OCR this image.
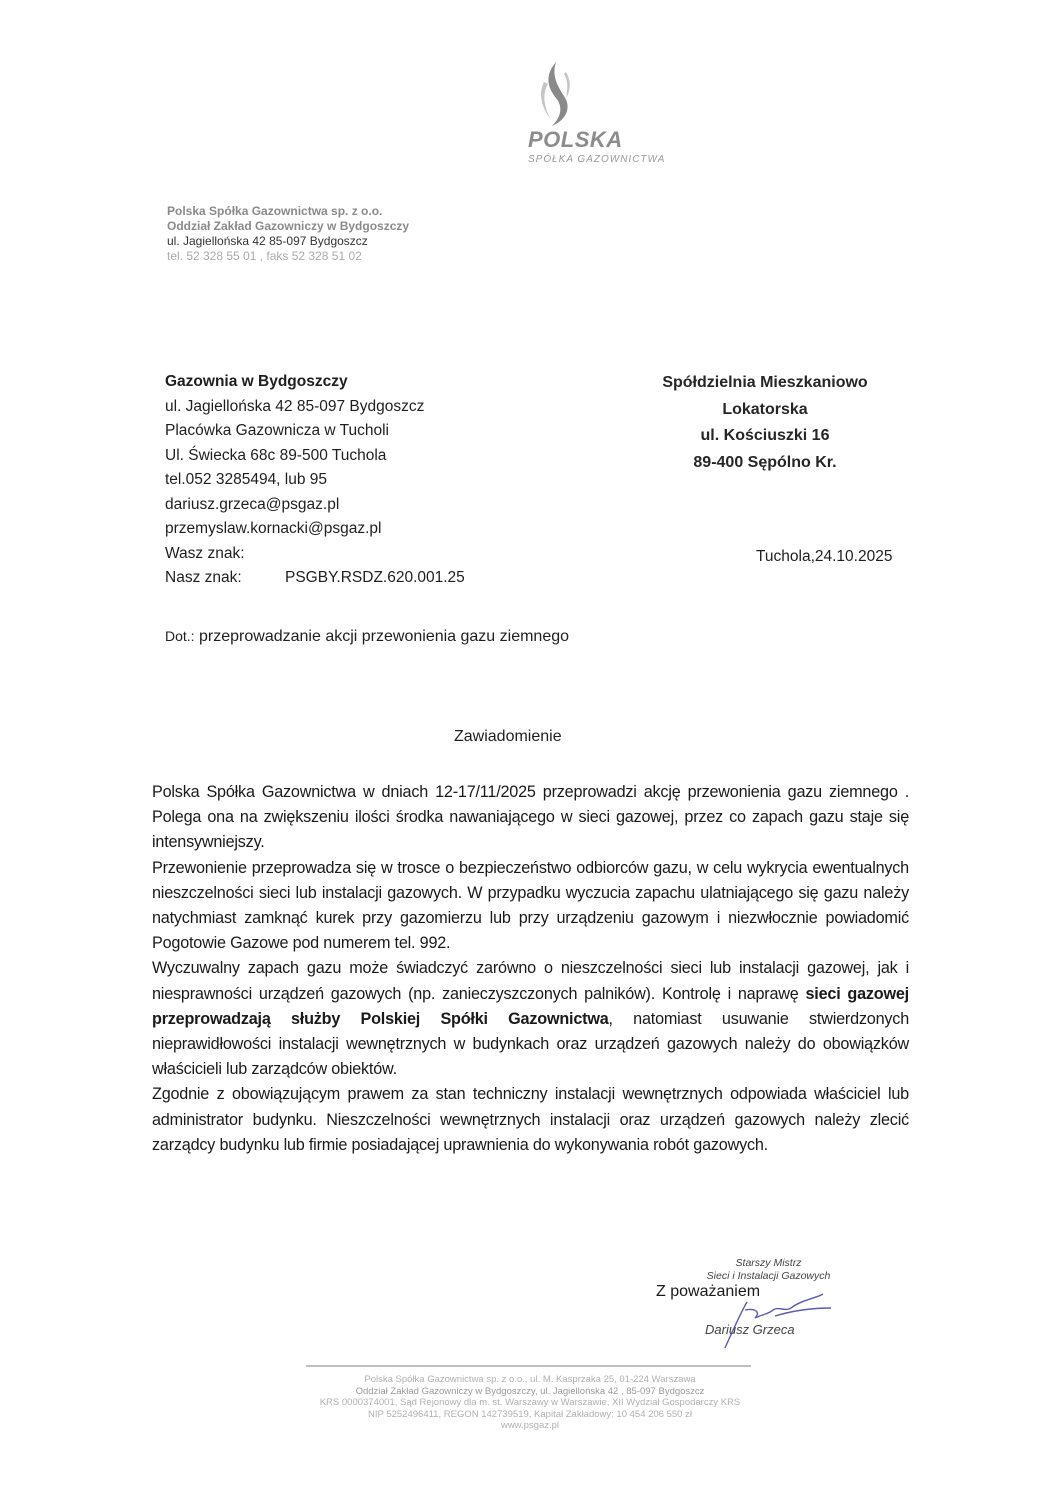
POLSKA
SPÓŁKA GAZOWNICTWA
Polska Spółka Gazownictwa sp. z o.o.
Oddział Zakład Gazowniczy w Bydgoszczy
ul. Jagiellońska 42 85-097 Bydgoszcz
tel. 52 328 55 01 , faks 52 328 51 02
Gazownia w Bydgoszczy
ul. Jagiellońska 42 85-097 Bydgoszcz
Placówka Gazownicza w Tucholi
Ul. Świecka 68c 89-500 Tuchola
tel.052 3285494, lub 95
dariusz.grzeca@psgaz.pl
przemyslaw.kornacki@psgaz.pl
Wasz znak:
Nasz znak:	PSGBY.RSDZ.620.001.25
Spółdzielnia Mieszkaniowo
Lokatorska
ul. Kościuszki 16
89-400 Sępólno Kr.
Tuchola,24.10.2025
Dot.: przeprowadzanie akcji przewonienia gazu ziemnego
Zawiadomienie

Polska Spółka Gazownictwa w dniach 12-17/11/2025 przeprowadzi akcję przewonienia gazu ziemnego . Polega ona na zwiększeniu ilości środka nawaniającego w sieci gazowej, przez co zapach gazu staje się intensywniejszy.

Przewonienie przeprowadza się w trosce o bezpieczeństwo odbiorców gazu, w celu wykrycia ewentualnych nieszczelności sieci lub instalacji gazowych. W przypadku wyczucia zapachu ulatniającego się gazu należy natychmiast zamknąć kurek przy gazomierzu lub przy urządzeniu gazowym i niezwłocznie powiadomić Pogotowie Gazowe pod numerem tel. 992.

Wyczuwalny zapach gazu może świadczyć zarówno o nieszczelności sieci lub instalacji gazowej, jak i niesprawności urządzeń gazowych (np. zanieczyszczonych palników). Kontrolę i naprawę sieci gazowej przeprowadzają służby Polskiej Spółki Gazownictwa, natomiast usuwanie stwierdzonych nieprawidłowości instalacji wewnętrznych w budynkach oraz urządzeń gazowych należy do obowiązków właścicieli lub zarządców obiektów.

Zgodnie z obowiązującym prawem za stan techniczny instalacji wewnętrznych odpowiada właściciel lub administrator budynku. Nieszczelności wewnętrznych instalacji oraz urządzeń gazowych należy zlecić zarządcy budynku lub firmie posiadającej uprawnienia do wykonywania robót gazowych.

Starszy Mistrz
Sieci i Instalacji Gazowych
Z poważaniem
Dariusz Grzeca
Polska Spółka Gazownictwa sp. z o.o., ul. M. Kasprzaka 25, 01-224 Warszawa
Oddział Zakład Gazowniczy w Bydgoszczy, ul. Jagiellońska 42 , 85-097 Bydgoszcz
KRS 0000374001, Sąd Rejonowy dla m. st. Warszawy w Warszawie, XII Wydział Gospodarczy KRS
NIP 5252496411, REGON 142739519, Kapitał Zakładowy: 10 454 206 550 zł
www.psgaz.pl
